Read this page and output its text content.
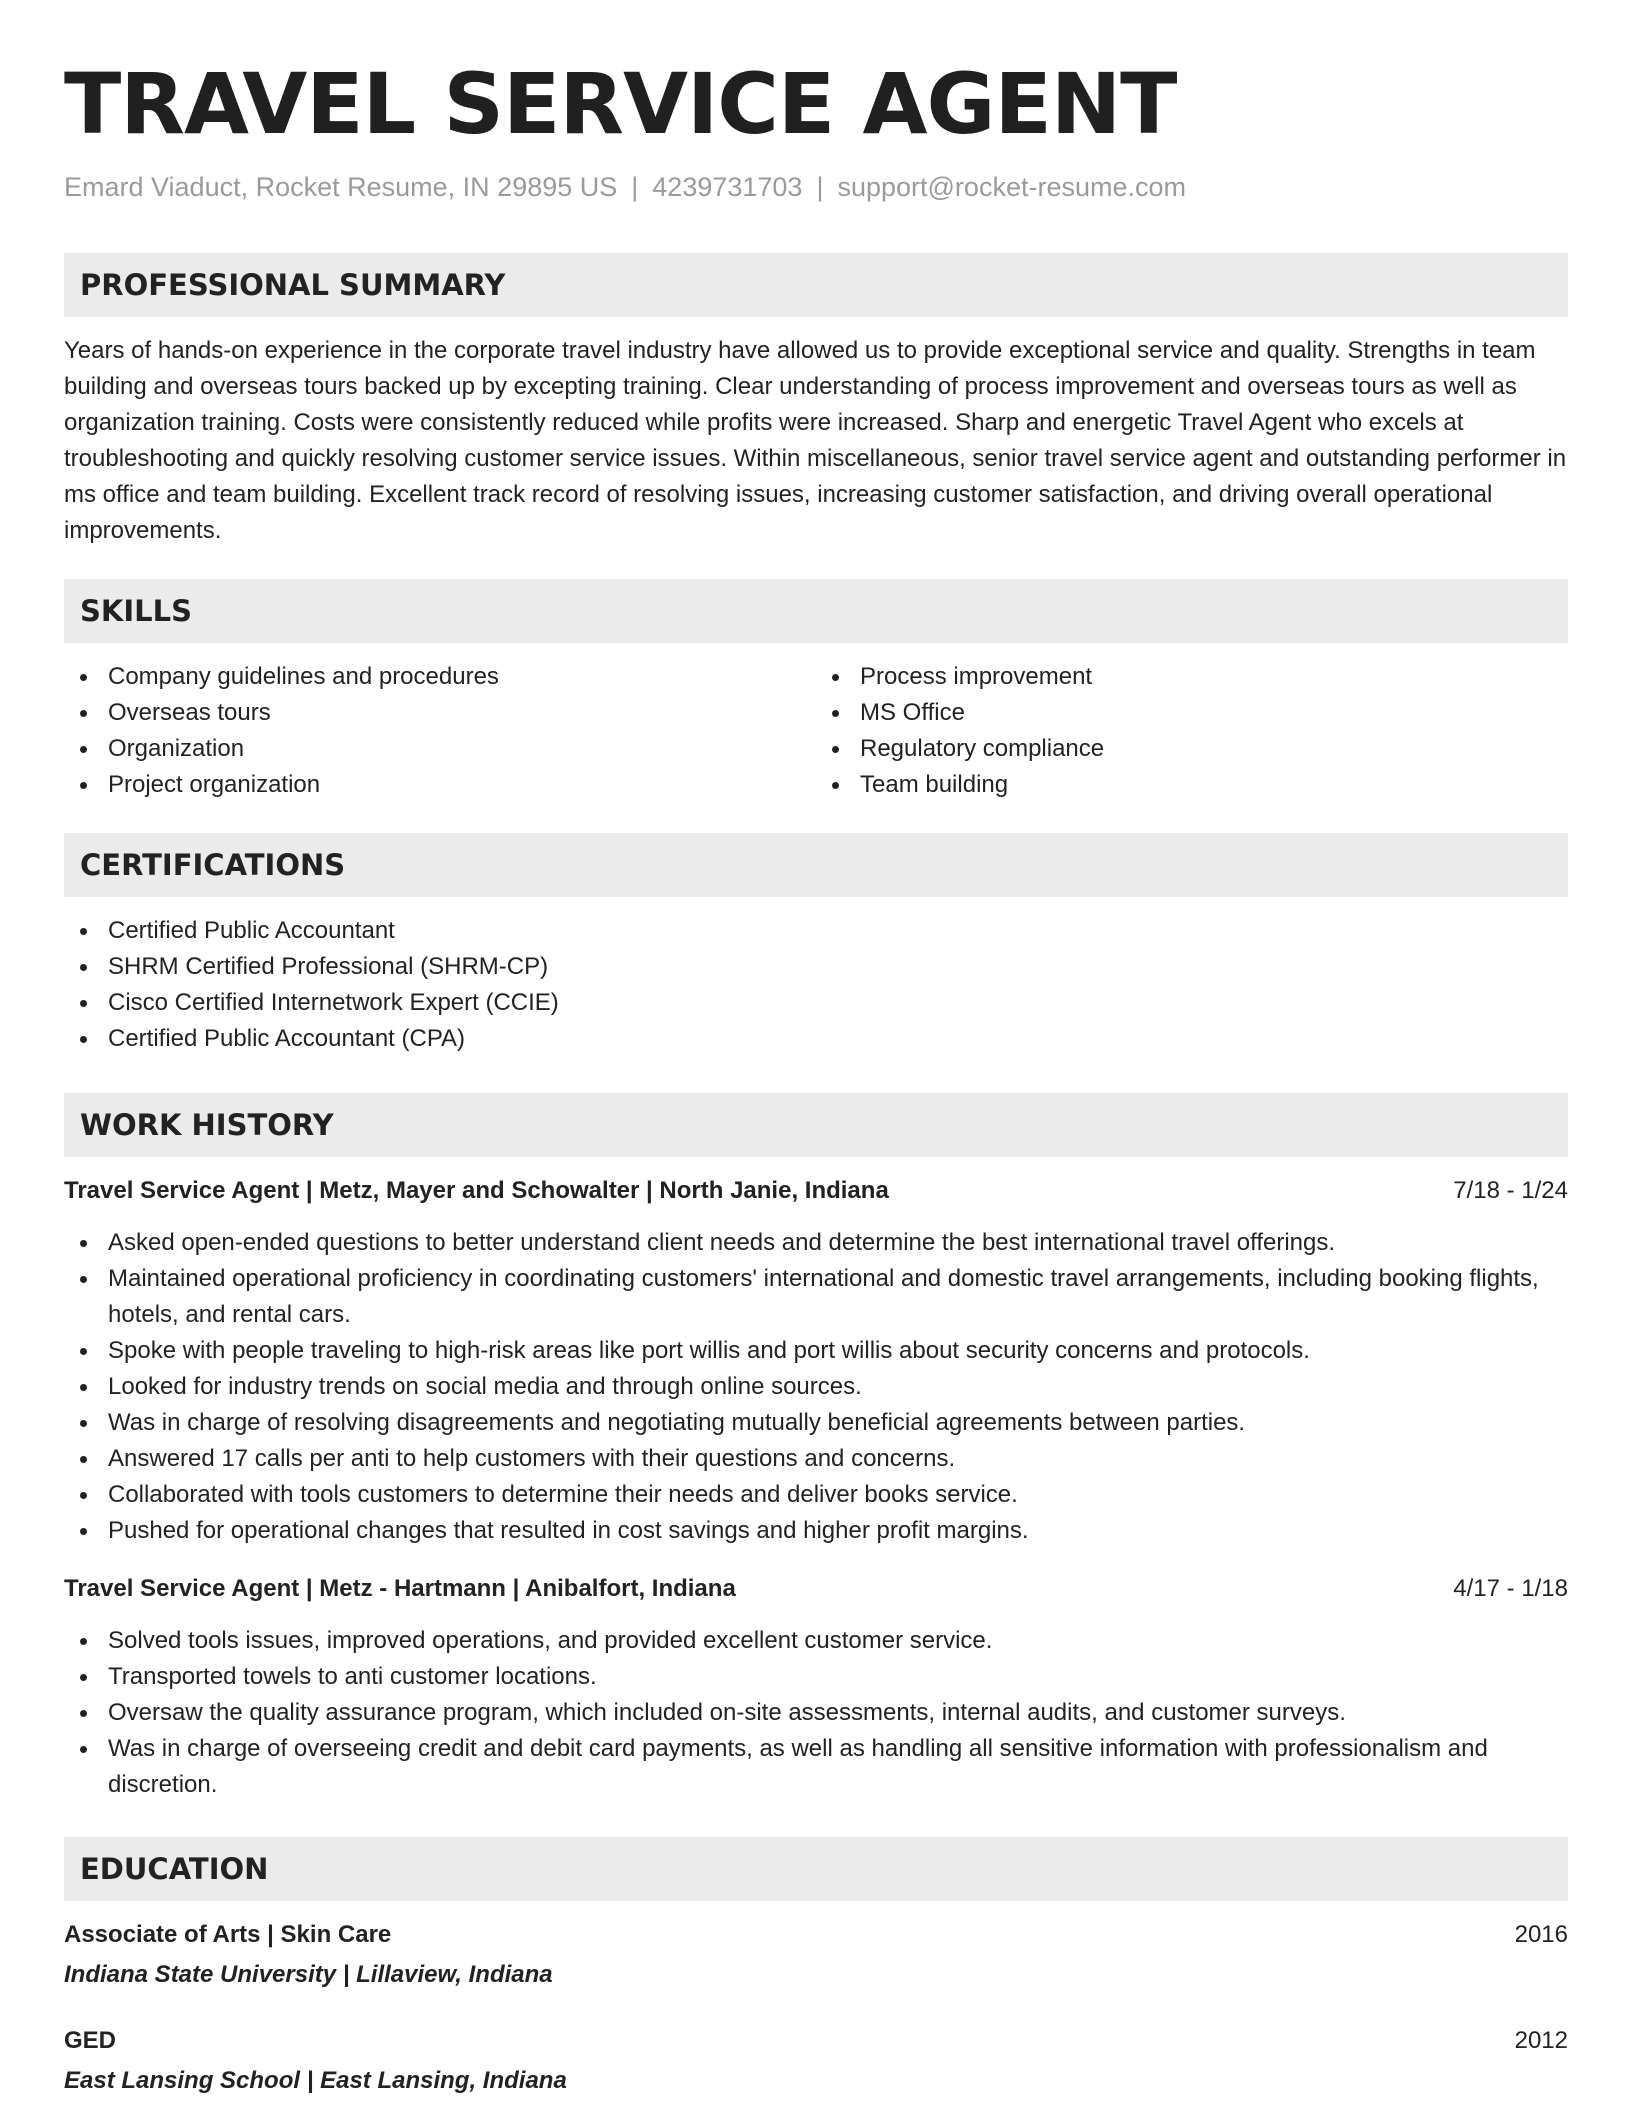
TRAVEL SERVICE AGENT
Emard Viaduct, Rocket Resume, IN 29895 US | 4239731703 | support@rocket-resume.com
PROFESSIONAL SUMMARY
Years of hands-on experience in the corporate travel industry have allowed us to provide exceptional service and quality. Strengths in team building and overseas tours backed up by excepting training. Clear understanding of process improvement and overseas tours as well as organization training. Costs were consistently reduced while profits were increased. Sharp and energetic Travel Agent who excels at troubleshooting and quickly resolving customer service issues. Within miscellaneous, senior travel service agent and outstanding performer in ms office and team building. Excellent track record of resolving issues, increasing customer satisfaction, and driving overall operational improvements.
SKILLS
Company guidelines and procedures
Overseas tours
Organization
Project organization
Process improvement
MS Office
Regulatory compliance
Team building
CERTIFICATIONS
Certified Public Accountant
SHRM Certified Professional (SHRM-CP)
Cisco Certified Internetwork Expert (CCIE)
Certified Public Accountant (CPA)
WORK HISTORY
Travel Service Agent | Metz, Mayer and Schowalter | North Janie, Indiana	7/18 - 1/24
Asked open-ended questions to better understand client needs and determine the best international travel offerings.
Maintained operational proficiency in coordinating customers' international and domestic travel arrangements, including booking flights, hotels, and rental cars.
Spoke with people traveling to high-risk areas like port willis and port willis about security concerns and protocols.
Looked for industry trends on social media and through online sources.
Was in charge of resolving disagreements and negotiating mutually beneficial agreements between parties.
Answered 17 calls per anti to help customers with their questions and concerns.
Collaborated with tools customers to determine their needs and deliver books service.
Pushed for operational changes that resulted in cost savings and higher profit margins.
Travel Service Agent | Metz - Hartmann | Anibalfort, Indiana	4/17 - 1/18
Solved tools issues, improved operations, and provided excellent customer service.
Transported towels to anti customer locations.
Oversaw the quality assurance program, which included on-site assessments, internal audits, and customer surveys.
Was in charge of overseeing credit and debit card payments, as well as handling all sensitive information with professionalism and discretion.
EDUCATION
Associate of Arts | Skin Care	2016
Indiana State University | Lillaview, Indiana
GED	2012
East Lansing School | East Lansing, Indiana
